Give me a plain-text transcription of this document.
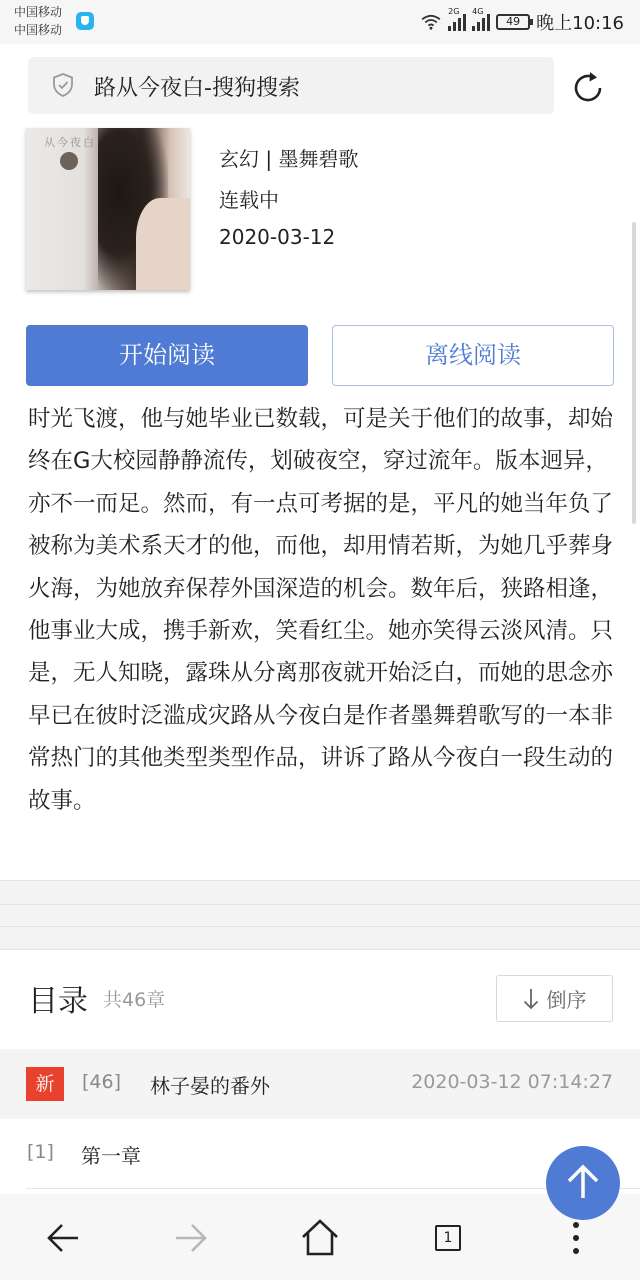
中国移动
中国移动
2G 4G
49 晚上10:16
路从今夜白-搜狗搜索
从今夜白
玄幻 | 墨舞碧歌
连载中
2020-03-12
开始阅读	离线阅读
时光飞渡，他与她毕业已数载，可是关于他们的故事，却始终在G大校园静静流传，划破夜空，穿过流年。版本迥异，亦不一而足。然而，有一点可考据的是，平凡的她当年负了被称为美术系天才的他，而他，却用情若斯，为她几乎葬身火海，为她放弃保荐外国深造的机会。数年后，狭路相逢，他事业大成，携手新欢，笑看红尘。她亦笑得云淡风清。只是，无人知晓，露珠从分离那夜就开始泛白，而她的思念亦早已在彼时泛滥成灾路从今夜白是作者墨舞碧歌写的一本非常热门的其他类型类型作品，讲诉了路从今夜白一段生动的故事。
目录 共46章	倒序
新	[46] 林子晏的番外	2020-03-12 07:14:27
[1] 第一章
1
